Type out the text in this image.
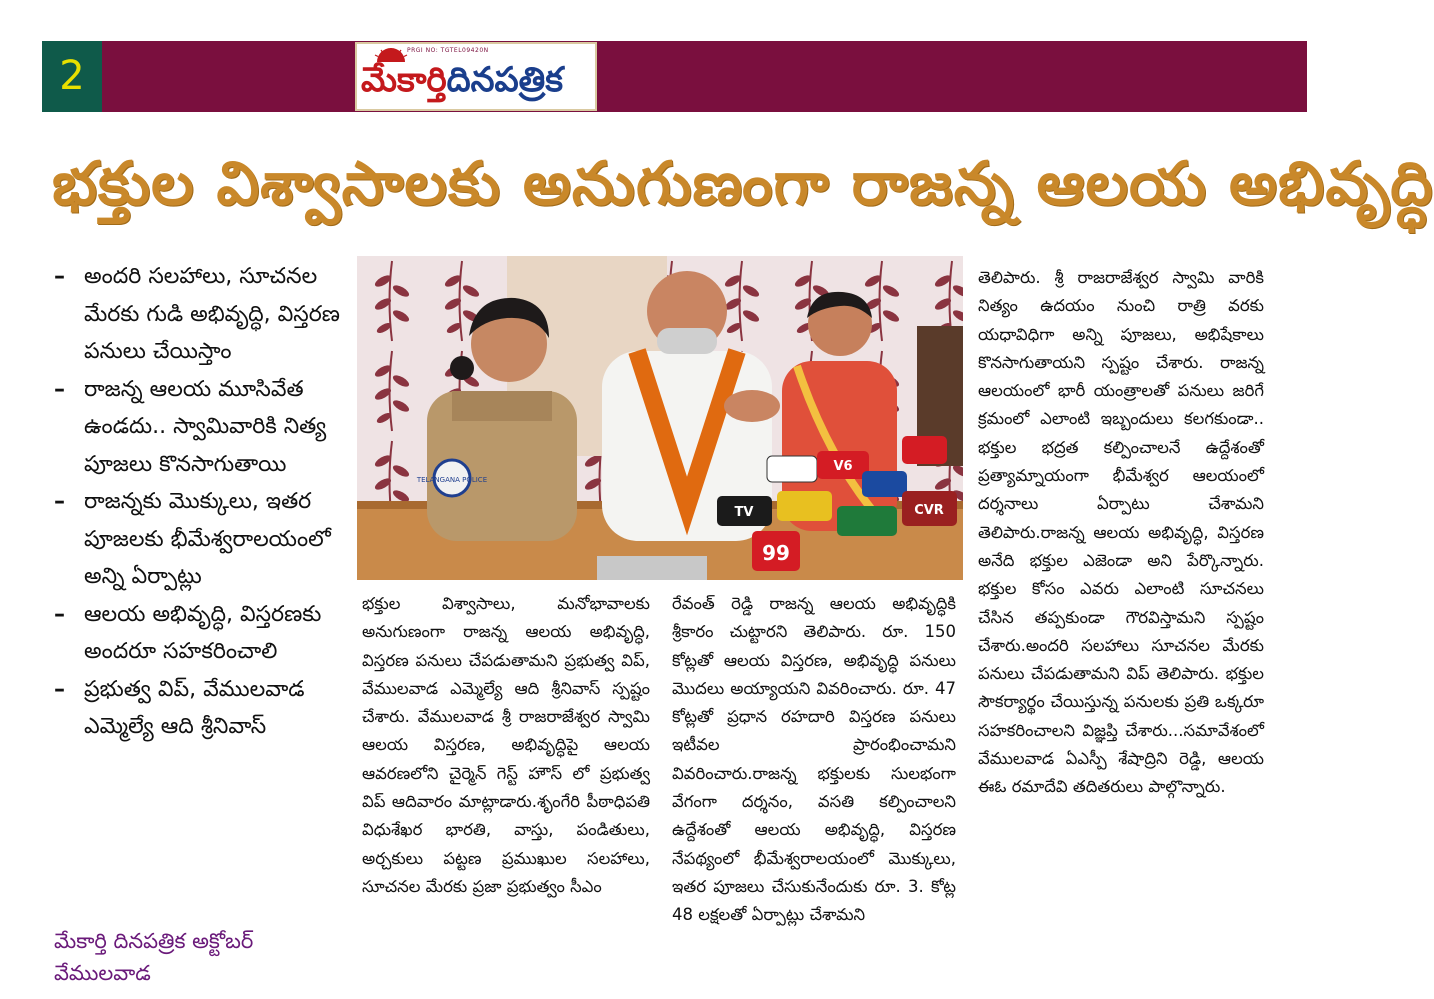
2
PRGI NO: TGTEL09420N
మేకార్తిదినపత్రిక
భక్తుల విశ్వాసాలకు అనుగుణంగా రాజన్న ఆలయ అభివృద్ధి
– అందరి సలహాలు, సూచనల మేరకు గుడి అభివృద్ధి, విస్తరణ పనులు చేయిస్తాం
– రాజన్న ఆలయ మూసివేత ఉండదు.. స్వామివారికి నిత్య పూజలు కొనసాగుతాయి
– రాజన్నకు మొక్కులు, ఇతర పూజలకు భీమేశ్వరాలయంలో అన్ని ఏర్పాట్లు
– ఆలయ అభివృద్ధి, విస్తరణకు అందరూ సహకరించాలి
– ప్రభుత్వ విప్, వేములవాడ ఎమ్మెల్యే ఆది శ్రీనివాస్
మేకార్తి దినపత్రిక అక్టోబర్
వేములవాడ
TELANGANA POLICE
99
CVR
TV
V6

భక్తుల విశ్వాసాలు, మనోభావాలకు అనుగుణంగా రాజన్న ఆలయ అభివృద్ధి, విస్తరణ పనులు చేపడుతామని ప్రభుత్వ విప్, వేములవాడ ఎమ్మెల్యే ఆది శ్రీనివాస్ స్పష్టం చేశారు. వేములవాడ శ్రీ రాజరాజేశ్వర స్వామి ఆలయ విస్తరణ, అభివృద్ధిపై ఆలయ ఆవరణలోని చైర్మెన్ గెస్ట్ హౌస్ లో ప్రభుత్వ విప్ ఆదివారం మాట్లాడారు.శృంగేరి పీఠాధిపతి విధుశేఖర భారతి, వాస్తు, పండితులు, అర్చకులు పట్టణ ప్రముఖుల సలహాలు, సూచనల మేరకు ప్రజా ప్రభుత్వం సీఎం

రేవంత్ రెడ్డి రాజన్న ఆలయ అభివృద్ధికి శ్రీకారం చుట్టారని తెలిపారు. రూ. 150 కోట్లతో ఆలయ విస్తరణ, అభివృద్ధి పనులు మొదలు అయ్యాయని వివరించారు. రూ. 47 కోట్లతో ప్రధాన రహదారి విస్తరణ పనులు ఇటీవల ప్రారంభించామని వివరించారు.రాజన్న భక్తులకు సులభంగా వేగంగా దర్శనం, వసతి కల్పించాలని ఉద్దేశంతో ఆలయ అభివృద్ధి, విస్తరణ నేపథ్యంలో భీమేశ్వరాలయంలో మొక్కులు, ఇతర పూజలు చేసుకునేందుకు రూ. 3. కోట్ల 48 లక్షలతో ఏర్పాట్లు చేశామని

తెలిపారు. శ్రీ రాజరాజేశ్వర స్వామి వారికి నిత్యం ఉదయం నుంచి రాత్రి వరకు యధావిధిగా అన్ని పూజలు, అభిషేకాలు కొనసాగుతాయని స్పష్టం చేశారు. రాజన్న ఆలయంలో భారీ యంత్రాలతో పనులు జరిగే క్రమంలో ఎలాంటి ఇబ్బందులు కలగకుండా.. భక్తుల భద్రత కల్పించాలనే ఉద్దేశంతో ప్రత్యామ్నాయంగా భీమేశ్వర ఆలయంలో దర్శనాలు ఏర్పాటు చేశామని తెలిపారు.రాజన్న ఆలయ అభివృద్ధి, విస్తరణ అనేది భక్తుల ఎజెండా అని పేర్కొన్నారు. భక్తుల కోసం ఎవరు ఎలాంటి సూచనలు చేసిన తప్పకుండా గౌరవిస్తామని స్పష్టం చేశారు.అందరి సలహాలు సూచనల మేరకు పనులు చేపడుతామని విప్ తెలిపారు. భక్తుల సౌకర్యార్థం చేయిస్తున్న పనులకు ప్రతి ఒక్కరూ సహకరించాలని విజ్ఞప్తి చేశారు...సమావేశంలో వేములవాడ ఏఎస్పీ శేషాద్రిని రెడ్డి, ఆలయ ఈఓ రమాదేవి తదితరులు పాల్గొన్నారు.
